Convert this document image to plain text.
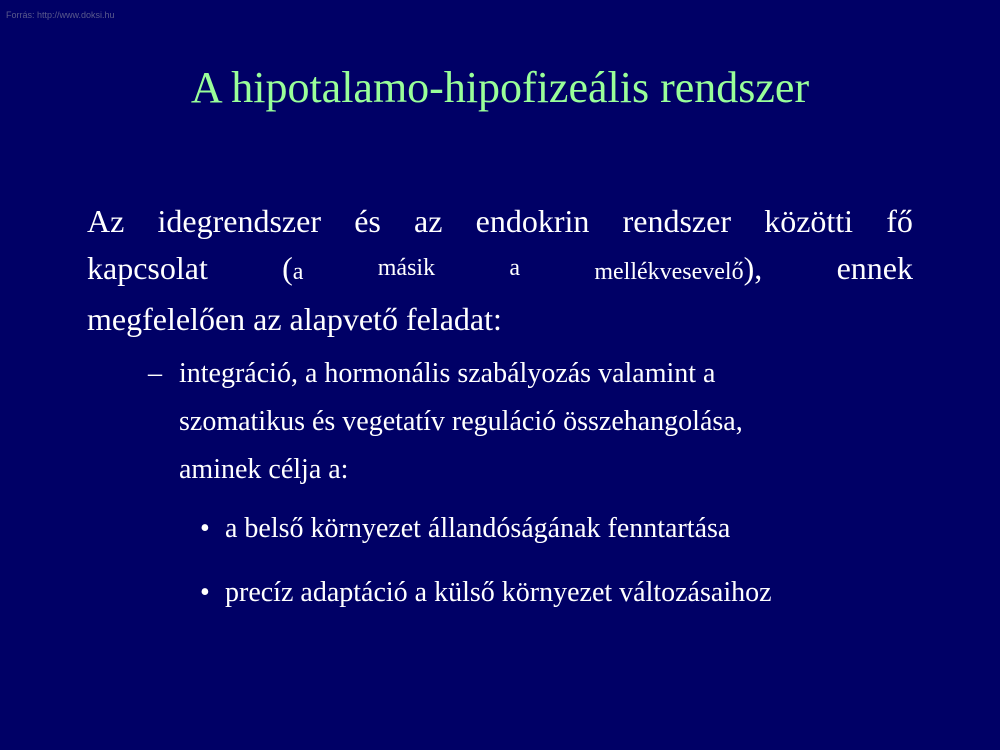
Forrás: http://www.doksi.hu
A hipotalamo-hipofizeális rendszer
Az idegrendszer és az endokrin rendszer közötti fő
kapcsolat (a	másik	a	mellékvesevelő), ennek
megfelelően az alapvető feladat:
– integráció, a hormonális szabályozás valamint a
szomatikus és vegetatív reguláció összehangolása,
aminek célja a:
• a belső környezet állandóságának fenntartása
• precíz adaptáció a külső környezet változásaihoz
